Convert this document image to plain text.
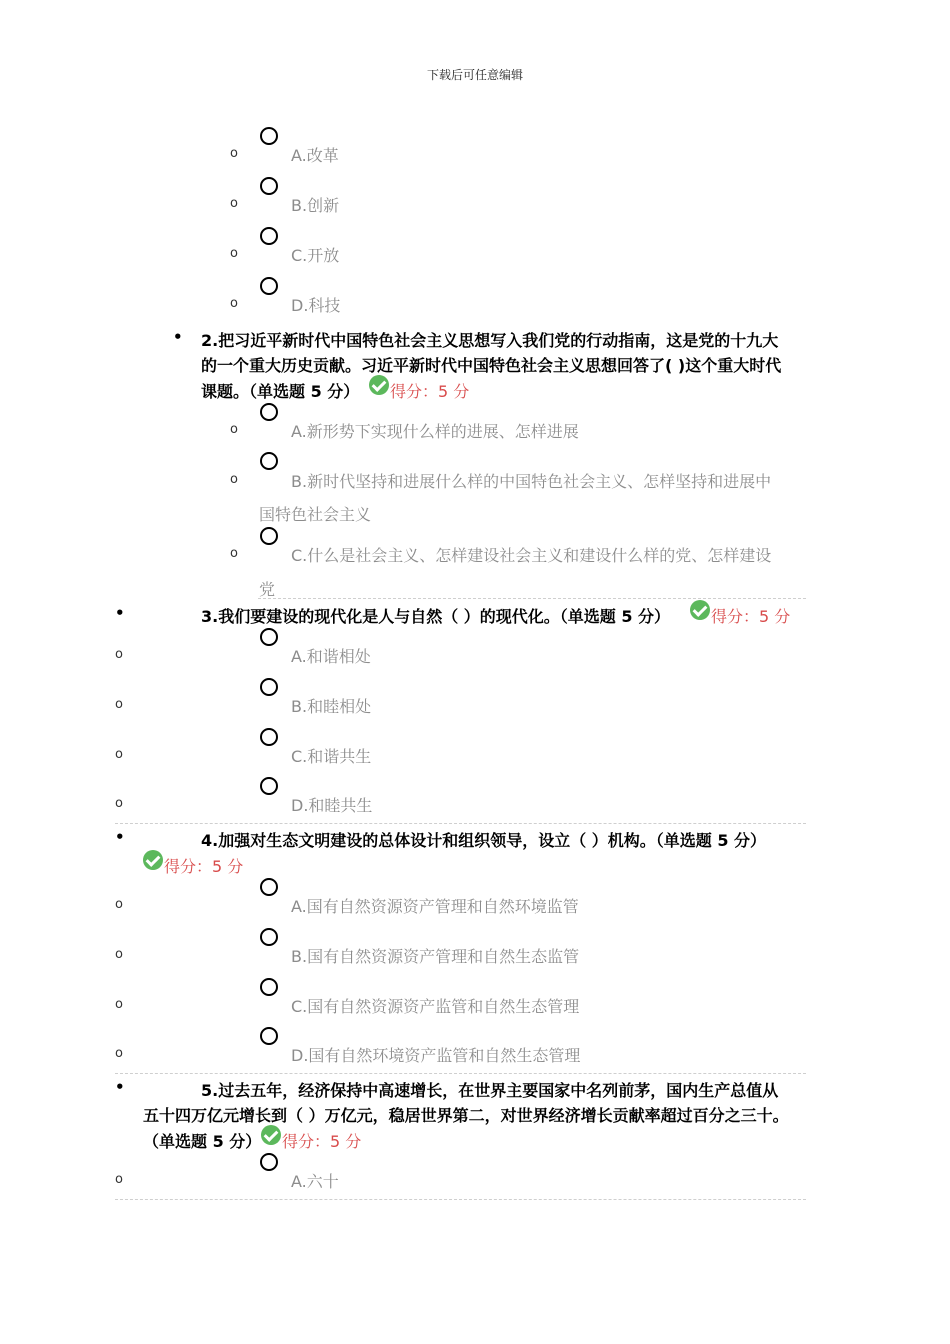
下载后可任意编辑
o	A.改革
o	B.创新
o	C.开放
o	D.科技
• 2.把习近平新时代中国特色社会主义思想写入我们党的行动指南，这是党的十九大
的一个重大历史贡献。习近平新时代中国特色社会主义思想回答了( )这个重大时代
课题。（单选题 5 分） 得分：5 分
o	A.新形势下实现什么样的进展、怎样进展
o	B.新时代坚持和进展什么样的中国特色社会主义、怎样坚持和进展中
国特色社会主义
o	C.什么是社会主义、怎样建设社会主义和建设什么样的党、怎样建设
党
•	3.我们要建设的现代化是人与自然（ ）的现代化。（单选题 5 分）	得分：5 分
o	A.和谐相处
o	B.和睦相处
o	C.和谐共生
o	D.和睦共生
•	4.加强对生态文明建设的总体设计和组织领导，设立（ ）机构。（单选题 5 分）
得分：5 分
o	A.国有自然资源资产管理和自然环境监管
o	B.国有自然资源资产管理和自然生态监管
o	C.国有自然资源资产监管和自然生态管理
o	D.国有自然环境资产监管和自然生态管理
•	5.过去五年，经济保持中高速增长，在世界主要国家中名列前茅，国内生产总值从
五十四万亿元增长到（ ）万亿元，稳居世界第二，对世界经济增长贡献率超过百分之三十。
（单选题 5 分） 得分：5 分
o	A.六十
